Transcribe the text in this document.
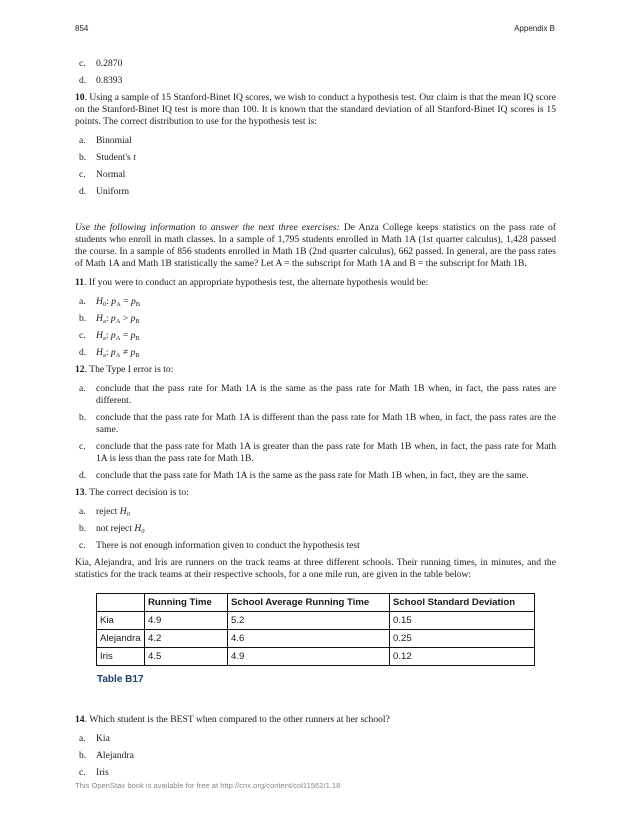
854	Appendix B
c.	0.2870
d.	0.8393
10. Using a sample of 15 Stanford-Binet IQ scores, we wish to conduct a hypothesis test. Our claim is that the mean IQ score on the Stanford-Binet IQ test is more than 100. It is known that the standard deviation of all Stanford-Binet IQ scores is 15 points. The correct distribution to use for the hypothesis test is:
a.	Binomial
b.	Student's t
c.	Normal
d.	Uniform
Use the following information to answer the next three exercises: De Anza College keeps statistics on the pass rate of students who enroll in math classes. In a sample of 1,795 students enrolled in Math 1A (1st quarter calculus), 1,428 passed the course. In a sample of 856 students enrolled in Math 1B (2nd quarter calculus), 662 passed. In general, are the pass rates of Math 1A and Math 1B statistically the same? Let A = the subscript for Math 1A and B = the subscript for Math 1B.
11. If you were to conduct an appropriate hypothesis test, the alternate hypothesis would be:
a.	$H_0$: $p_A = p_B$
b.	$H_a$: $p_A > p_B$
c.	$H_a$: $p_A = p_B$
d.	$H_a$: $p_A \ne p_B$
12. The Type I error is to:
a.	conclude that the pass rate for Math 1A is the same as the pass rate for Math 1B when, in fact, the pass rates are different.
b.	conclude that the pass rate for Math 1A is different than the pass rate for Math 1B when, in fact, the pass rates are the same.
c.	conclude that the pass rate for Math 1A is greater than the pass rate for Math 1B when, in fact, the pass rate for Math 1A is less than the pass rate for Math 1B.
d.	conclude that the pass rate for Math 1A is the same as the pass rate for Math 1B when, in fact, they are the same.
13. The correct decision is to:
a.	reject $H_0$
b.	not reject $H_0$
c.	There is not enough information given to conduct the hypothesis test
Kia, Alejandra, and Iris are runners on the track teams at three different schools. Their running times, in minutes, and the statistics for the track teams at their respective schools, for a one mile run, are given in the table below:
	Running Time	School Average Running Time	School Standard Deviation
Kia	4.9	5.2	0.15
Alejandra	4.2	4.6	0.25
Iris	4.5	4.9	0.12
Table B17
14. Which student is the BEST when compared to the other runners at her school?
a.	Kia
b.	Alejandra
c.	Iris
This OpenStax book is available for free at http://cnx.org/content/col11562/1.18
